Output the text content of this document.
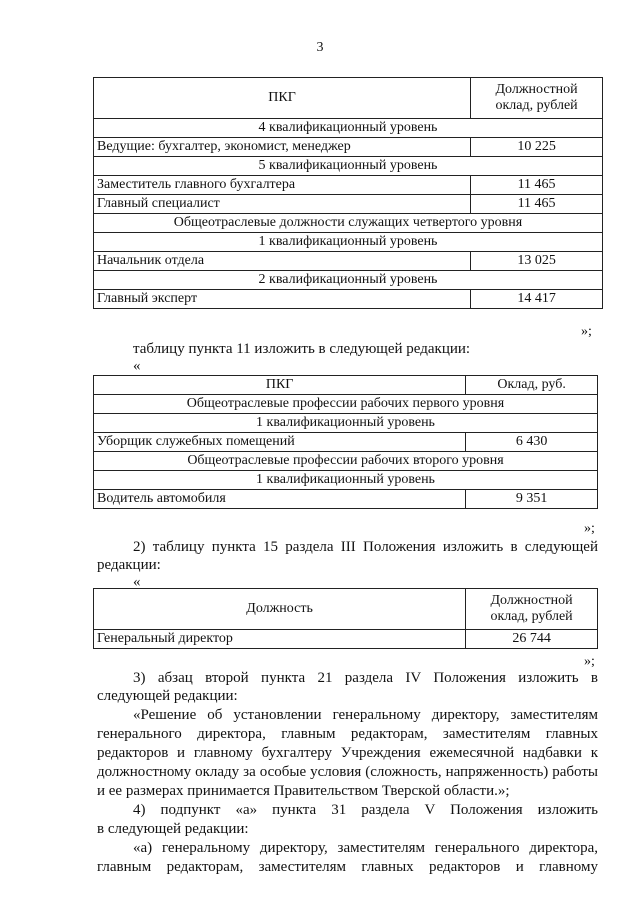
3
ПКГ	Должностной
оклад, рублей
4 квалификационный уровень	
Ведущие: бухгалтер, экономист, менеджер	10 225
5 квалификационный уровень	
Заместитель главного бухгалтера	11 465
Главный специалист	11 465
Общеотраслевые должности служащих четвертого уровня	
1 квалификационный уровень	
Начальник отдела	13 025
2 квалификационный уровень	
Главный эксперт	14 417
»;
таблицу пункта 11 изложить в следующей редакции:
«
ПКГ	Оклад, руб.
Общеотраслевые профессии рабочих первого уровня	
1 квалификационный уровень	
Уборщик служебных помещений	6 430
Общеотраслевые профессии рабочих второго уровня	
1 квалификационный уровень	
Водитель автомобиля	9 351
»;
2) таблицу пункта 15 раздела III Положения изложить в следующей
редакции:
«
Должность	Должностной
оклад, рублей
Генеральный директор	26 744
»;
3) абзац второй пункта 21 раздела IV Положения изложить в
следующей редакции:
«Решение об установлении генеральному директору, заместителям
генерального директора, главным редакторам, заместителям главных
редакторов и главному бухгалтеру Учреждения ежемесячной надбавки к
должностному окладу за особые условия (сложность, напряженность) работы
и ее размерах принимается Правительством Тверской области.»;
4) подпункт «а» пункта 31 раздела V Положения изложить
в следующей редакции:
«а) генеральному директору, заместителям генерального директора,
главным редакторам, заместителям главных редакторов и главному
